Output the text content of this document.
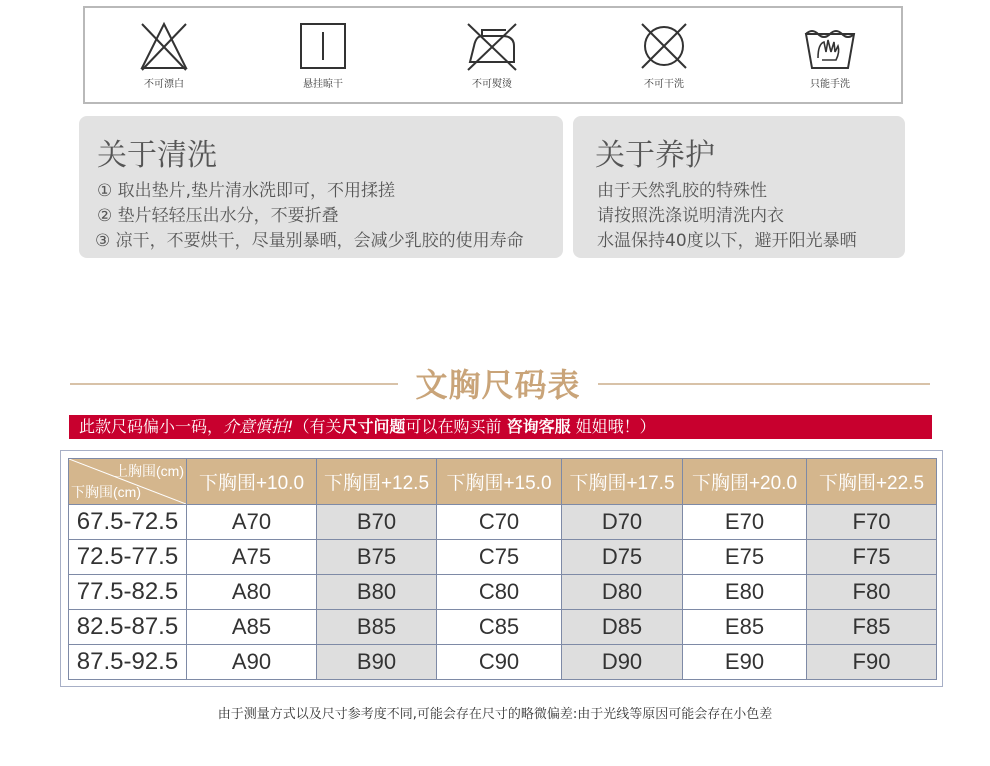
不可漂白	悬挂晾干	不可熨烫	不可干洗	只能手洗
关于清洗
① 取出垫片,垫片清水洗即可，不用揉搓
② 垫片轻轻压出水分，不要折叠
③ 凉干，不要烘干，尽量别暴晒，会减少乳胶的使用寿命
关于养护
由于天然乳胶的特殊性
请按照洗涤说明清洗内衣
水温保持40度以下，避开阳光暴晒
文胸尺码表
此款尺码偏小一码，介意慎拍!（有关尺寸问题可以在购买前 咨询客服 姐姐哦！）
上胸围(cm)
下胸围(cm)	下胸围+10.0	下胸围+12.5	下胸围+15.0	下胸围+17.5	下胸围+20.0	下胸围+22.5
67.5-72.5	A70	B70	C70	D70	E70	F70
72.5-77.5	A75	B75	C75	D75	E75	F75
77.5-82.5	A80	B80	C80	D80	E80	F80
82.5-87.5	A85	B85	C85	D85	E85	F85
87.5-92.5	A90	B90	C90	D90	E90	F90
由于测量方式以及尺寸参考度不同,可能会存在尺寸的略微偏差:由于光线等原因可能会存在小色差
